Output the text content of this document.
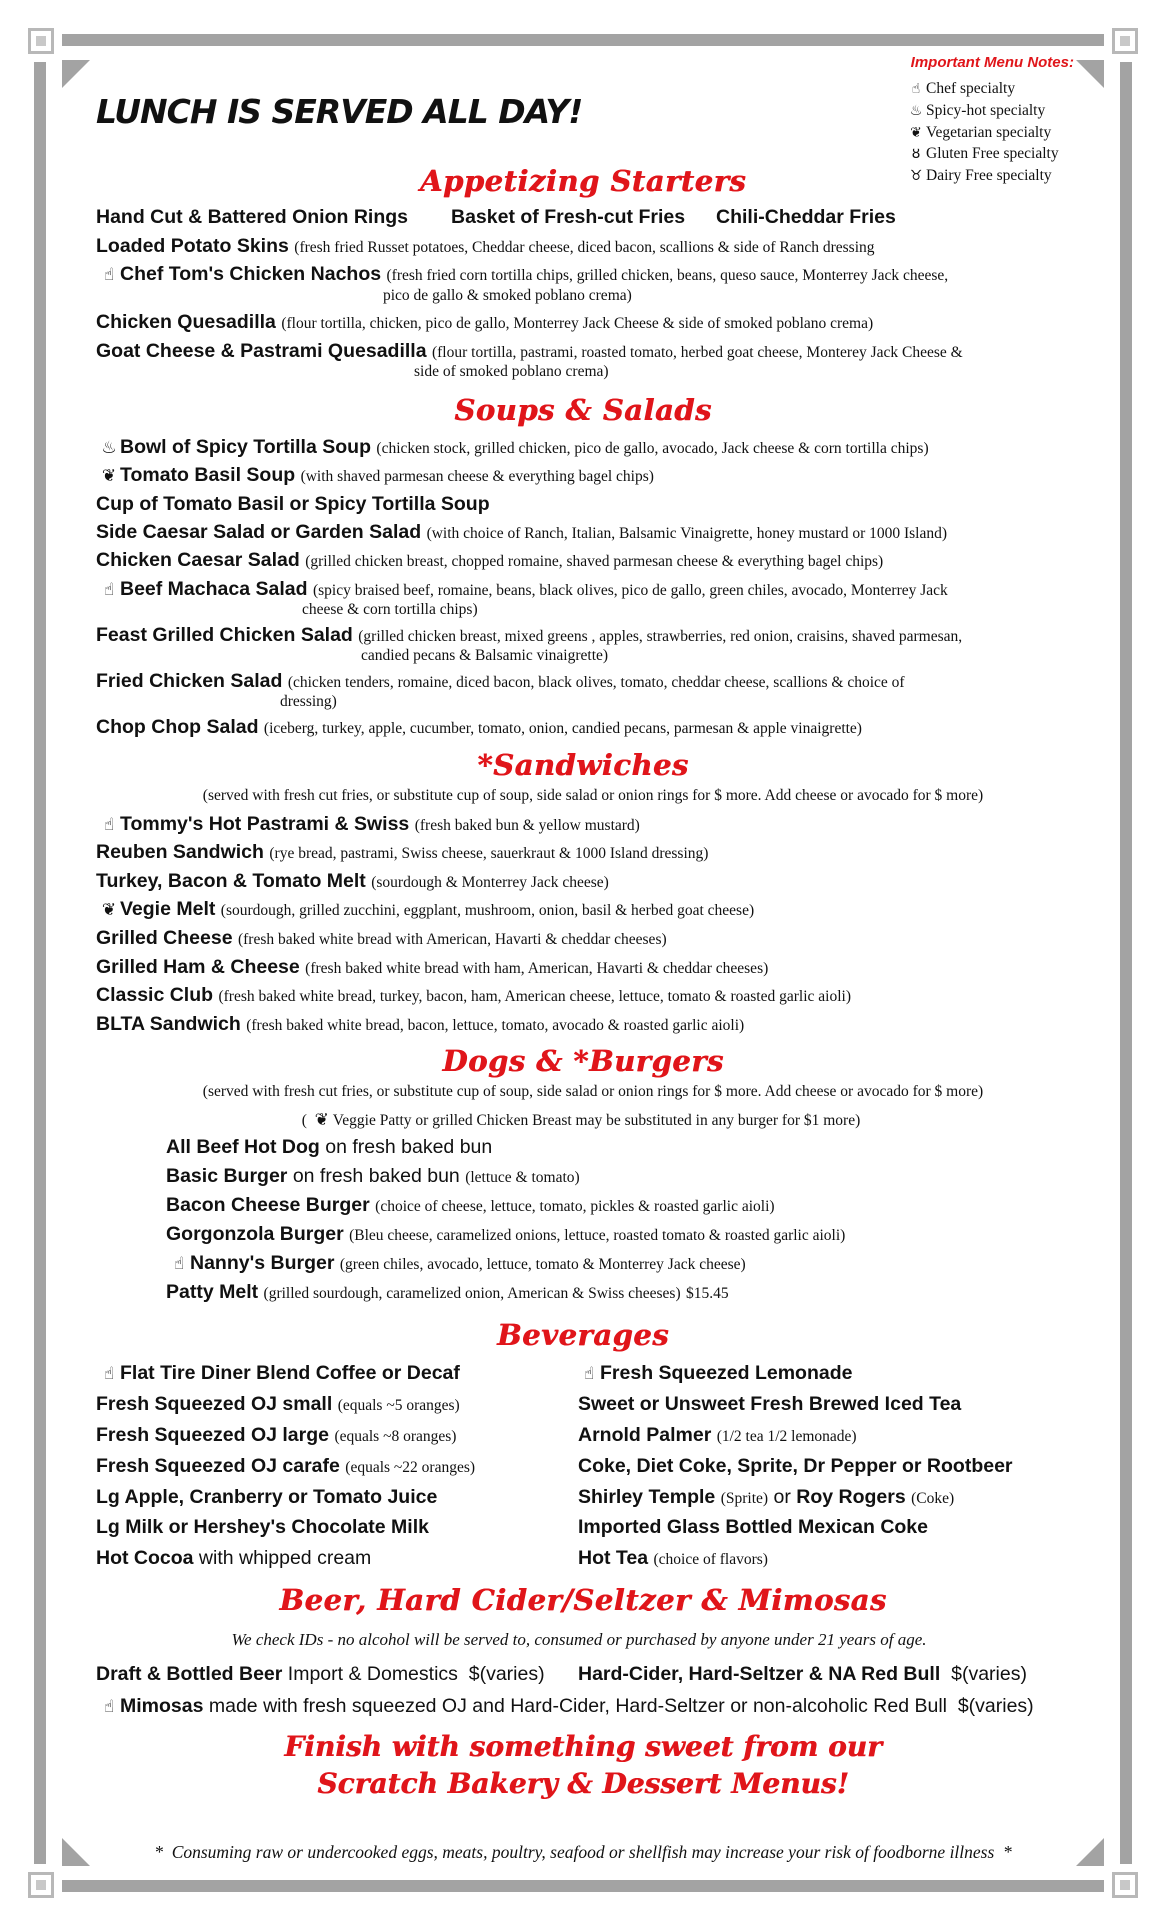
LUNCH IS SERVED ALL DAY!
Important Menu Notes:
☝ Chef specialty
♨ Spicy-hot specialty
❦ Vegetarian specialty
ȣ Gluten Free specialty
♉ Dairy Free specialty
Appetizing Starters
Hand Cut & Battered Onion Rings Basket of Fresh-cut Fries Chili-Cheddar Fries
Loaded Potato Skins (fresh fried Russet potatoes, Cheddar cheese, diced bacon, scallions & side of Ranch dressing
☝ Chef Tom's Chicken Nachos (fresh fried corn tortilla chips, grilled chicken, beans, queso sauce, Monterrey Jack cheese,
pico de gallo & smoked poblano crema)
Chicken Quesadilla (flour tortilla, chicken, pico de gallo, Monterrey Jack Cheese & side of smoked poblano crema)
Goat Cheese & Pastrami Quesadilla (flour tortilla, pastrami, roasted tomato, herbed goat cheese, Monterey Jack Cheese &
side of smoked poblano crema)
Soups & Salads
♨ Bowl of Spicy Tortilla Soup (chicken stock, grilled chicken, pico de gallo, avocado, Jack cheese & corn tortilla chips)
❦ Tomato Basil Soup (with shaved parmesan cheese & everything bagel chips)
Cup of Tomato Basil or Spicy Tortilla Soup
Side Caesar Salad or Garden Salad (with choice of Ranch, Italian, Balsamic Vinaigrette, honey mustard or 1000 Island)
Chicken Caesar Salad (grilled chicken breast, chopped romaine, shaved parmesan cheese & everything bagel chips)
☝ Beef Machaca Salad (spicy braised beef, romaine, beans, black olives, pico de gallo, green chiles, avocado, Monterrey Jack
cheese & corn tortilla chips)
Feast Grilled Chicken Salad (grilled chicken breast, mixed greens , apples, strawberries, red onion, craisins, shaved parmesan,
candied pecans & Balsamic vinaigrette)
Fried Chicken Salad (chicken tenders, romaine, diced bacon, black olives, tomato, cheddar cheese, scallions & choice of
dressing)
Chop Chop Salad (iceberg, turkey, apple, cucumber, tomato, onion, candied pecans, parmesan & apple vinaigrette)
*Sandwiches
(served with fresh cut fries, or substitute cup of soup, side salad or onion rings for $ more. Add cheese or avocado for $ more)
☝ Tommy's Hot Pastrami & Swiss (fresh baked bun & yellow mustard)
Reuben Sandwich (rye bread, pastrami, Swiss cheese, sauerkraut & 1000 Island dressing)
Turkey, Bacon & Tomato Melt (sourdough & Monterrey Jack cheese)
❦ Vegie Melt (sourdough, grilled zucchini, eggplant, mushroom, onion, basil & herbed goat cheese)
Grilled Cheese (fresh baked white bread with American, Havarti & cheddar cheeses)
Grilled Ham & Cheese (fresh baked white bread with ham, American, Havarti & cheddar cheeses)
Classic Club (fresh baked white bread, turkey, bacon, ham, American cheese, lettuce, tomato & roasted garlic aioli)
BLTA Sandwich (fresh baked white bread, bacon, lettuce, tomato, avocado & roasted garlic aioli)
Dogs & *Burgers
(served with fresh cut fries, or substitute cup of soup, side salad or onion rings for $ more. Add cheese or avocado for $ more)
( ❦ Veggie Patty or grilled Chicken Breast may be substituted in any burger for $1 more)
All Beef Hot Dog on fresh baked bun
Basic Burger on fresh baked bun (lettuce & tomato)
Bacon Cheese Burger (choice of cheese, lettuce, tomato, pickles & roasted garlic aioli)
Gorgonzola Burger (Bleu cheese, caramelized onions, lettuce, roasted tomato & roasted garlic aioli)
☝ Nanny's Burger (green chiles, avocado, lettuce, tomato & Monterrey Jack cheese)
Patty Melt (grilled sourdough, caramelized onion, American & Swiss cheeses) $15.45
Beverages
☝ Flat Tire Diner Blend Coffee or Decaf
Fresh Squeezed OJ small (equals ~5 oranges)
Fresh Squeezed OJ large (equals ~8 oranges)
Fresh Squeezed OJ carafe (equals ~22 oranges)
Lg Apple, Cranberry or Tomato Juice
Lg Milk or Hershey's Chocolate Milk
Hot Cocoa with whipped cream
☝ Fresh Squeezed Lemonade
Sweet or Unsweet Fresh Brewed Iced Tea
Arnold Palmer (1/2 tea 1/2 lemonade)
Coke, Diet Coke, Sprite, Dr Pepper or Rootbeer
Shirley Temple (Sprite) or Roy Rogers (Coke)
Imported Glass Bottled Mexican Coke
Hot Tea (choice of flavors)
Beer, Hard Cider/Seltzer & Mimosas
We check IDs - no alcohol will be served to, consumed or purchased by anyone under 21 years of age.
Draft & Bottled Beer Import & Domestics $(varies) Hard-Cider, Hard-Seltzer & NA Red Bull $(varies)
☝ Mimosas made with fresh squeezed OJ and Hard-Cider, Hard-Seltzer or non-alcoholic Red Bull $(varies)
Finish with something sweet from our
Scratch Bakery & Dessert Menus!
* Consuming raw or undercooked eggs, meats, poultry, seafood or shellfish may increase your risk of foodborne illness *
